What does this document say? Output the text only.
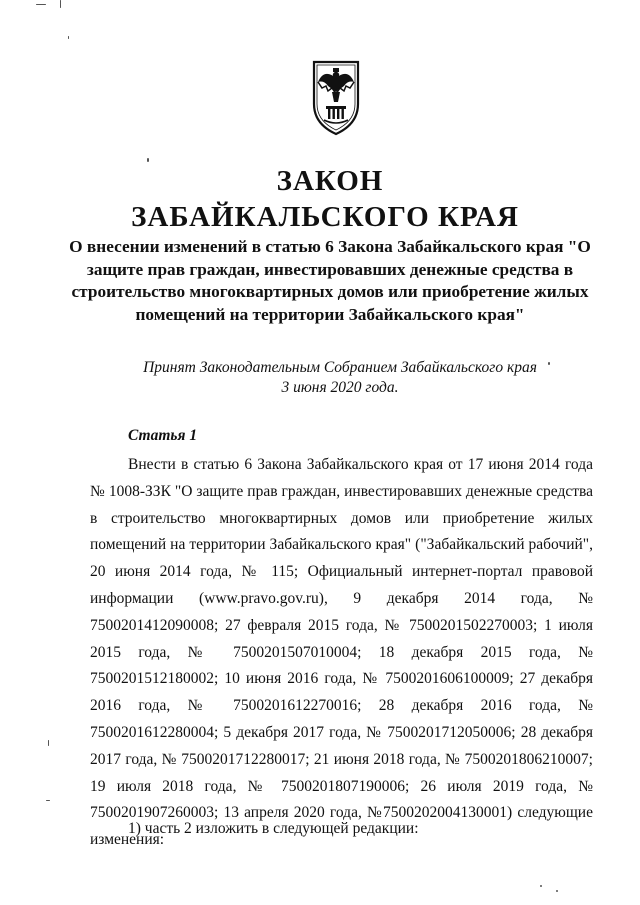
ЗАКОН
ЗАБАЙКАЛЬСКОГО КРАЯ
О внесении изменений в статью 6 Закона Забайкальского края "О защите прав граждан, инвестировавших денежные средства в строительство многоквартирных домов или приобретение жилых помещений на территории Забайкальского края"
Принят Законодательным Собранием Забайкальского края
3 июня 2020 года.
Статья 1

Внести в статью 6 Закона Забайкальского края от 17 июня 2014 года № 1008-ЗЗК "О защите прав граждан, инвестировавших денежные средства в строительство многоквартирных домов или приобретение жилых помещений на территории Забайкальского края" ("Забайкальский рабочий", 20 июня 2014 года, № 115; Официальный интернет-портал правовой информации (www.pravo.gov.ru), 9 декабря 2014 года, № 7500201412090008; 27 февраля 2015 года, № 7500201502270003; 1 июля 2015 года, № 7500201507010004; 18 декабря 2015 года, № 7500201512180002; 10 июня 2016 года, № 7500201606100009; 27 декабря 2016 года, № 7500201612270016; 28 декабря 2016 года, № 7500201612280004; 5 декабря 2017 года, № 7500201712050006; 28 декабря 2017 года, № 7500201712280017; 21 июня 2018 года, № 7500201806210007; 19 июля 2018 года, № 7500201807190006; 26 июля 2019 года, № 7500201907260003; 13 апреля 2020 года, №7500202004130001) следующие изменения:

1) часть 2 изложить в следующей редакции:
